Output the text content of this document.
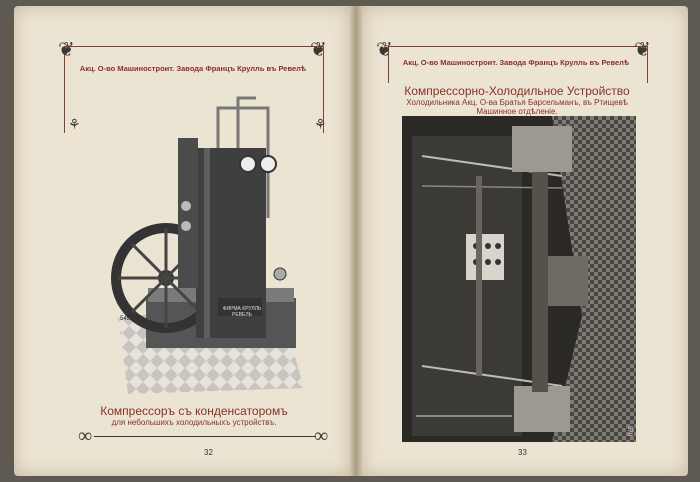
❦	❦
⚘	⚘
Акц. О-во Машиностроит. Завода Францъ Крулль въ Ревелѣ
545
ФИРМА КРУЛЛЬ
РЕВЕЛЬ
Компрессоръ съ конденсаторомъ
для небольшихъ холодильныхъ устройствъ.
∞	∞
32
❦	❦
Акц. О-во Машиностроит. Завода Францъ Крулль въ Ревелѣ
Компрессорно-Холодильное Устройство
Холодильника Акц. О-ва Братья Барсельманъ, въ Ртищевѣ
Машинное отдѣленіе.
570
33
